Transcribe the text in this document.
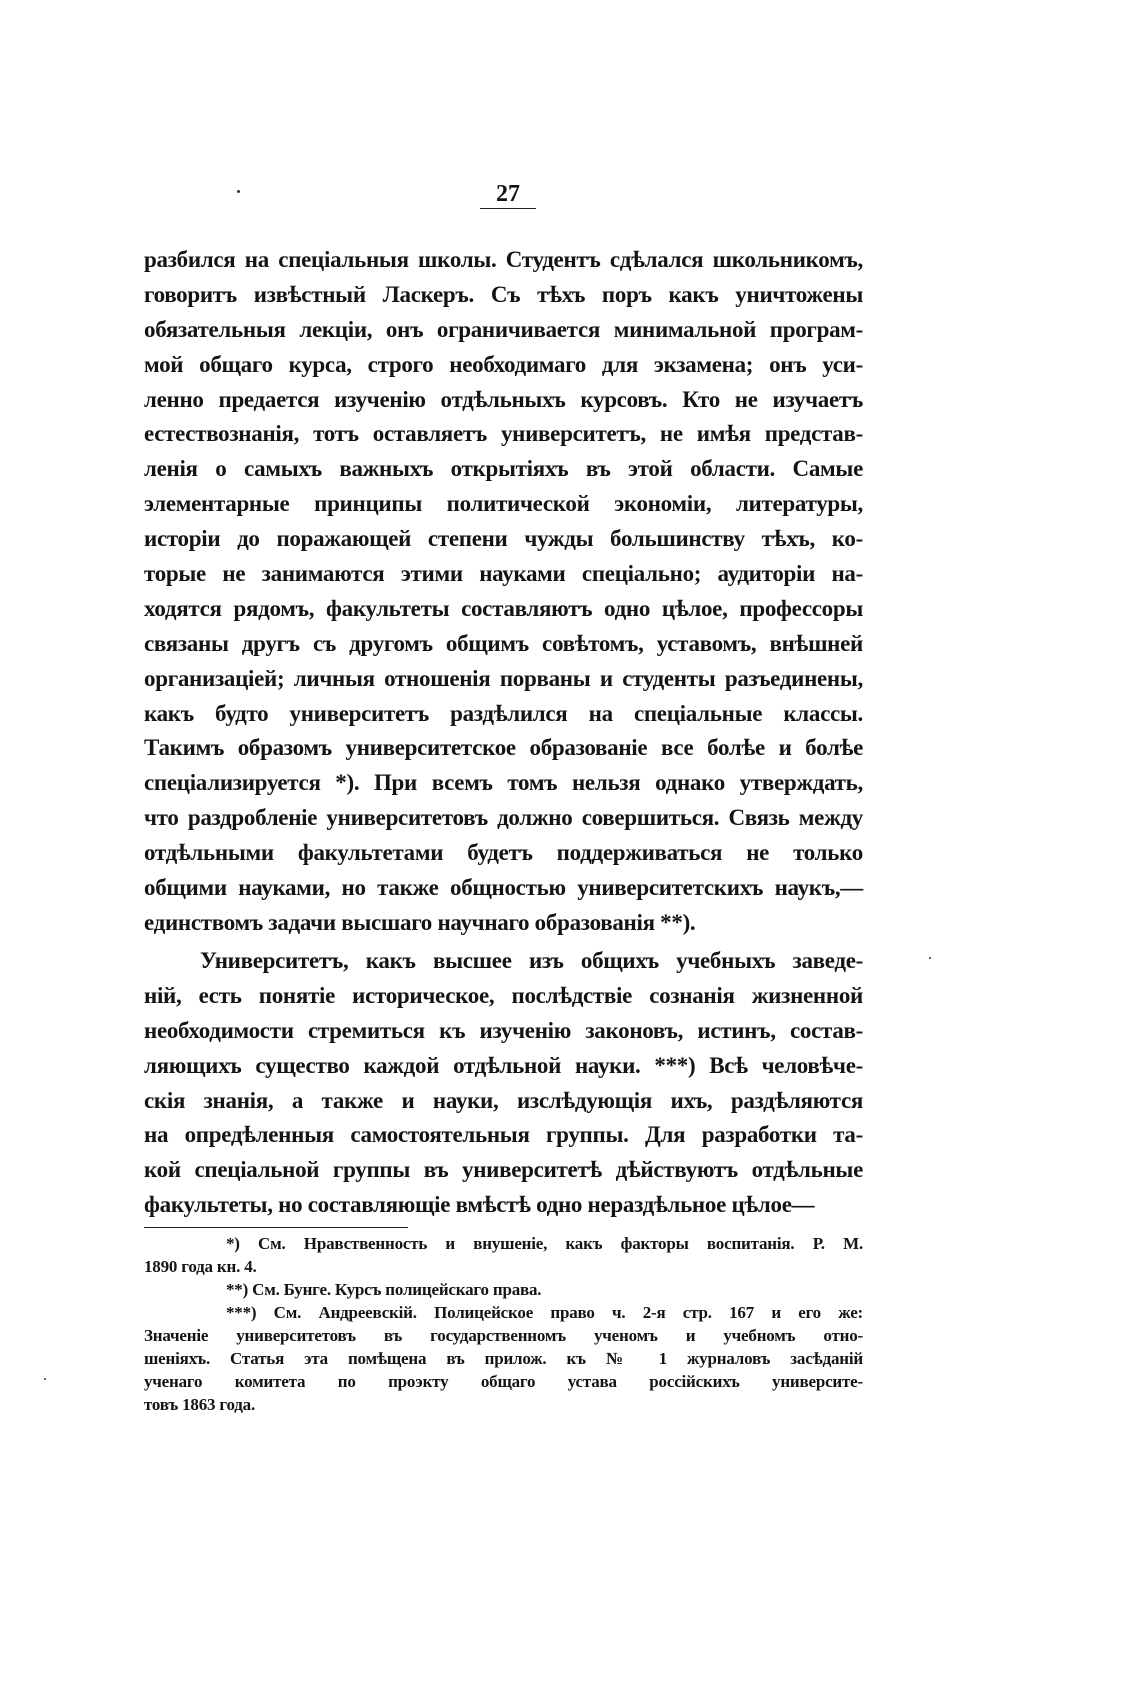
27
разбился на спеціальныя школы. Студентъ сдѣлался школьникомъ,
говоритъ извѣстный Ласкеръ. Съ тѣхъ поръ какъ уничтожены
обязательныя лекціи, онъ ограничивается минимальной програм-
мой общаго курса, строго необходимаго для экзамена; онъ уси-
ленно предается изученію отдѣльныхъ курсовъ. Кто не изучаетъ
естествознанія, тотъ оставляетъ университетъ, не имѣя представ-
ленія о самыхъ важныхъ открытіяхъ въ этой области. Самые
элементарные принципы политической экономіи, литературы,
исторіи до поражающей степени чужды большинству тѣхъ, ко-
торые не занимаются этими науками спеціально; аудиторіи на-
ходятся рядомъ, факультеты составляютъ одно цѣлое, профессоры
связаны другъ съ другомъ общимъ совѣтомъ, уставомъ, внѣшней
организаціей; личныя отношенія порваны и студенты разъединены,
какъ будто университетъ раздѣлился на спеціальные классы.
Такимъ образомъ университетское образованіе все болѣе и болѣе
спеціализируется *). При всемъ томъ нельзя однако утверждать,
что раздробленіе университетовъ должно совершиться. Связь между
отдѣльными факультетами будетъ поддерживаться не только
общими науками, но также общностью университетскихъ наукъ,—
единствомъ задачи высшаго научнаго образованія **).
Университетъ, какъ высшее изъ общихъ учебныхъ заведе-
ній, есть понятіе историческое, послѣдствіе сознанія жизненной
необходимости стремиться къ изученію законовъ, истинъ, состав-
ляющихъ существо каждой отдѣльной науки. ***) Всѣ человѣче-
скія знанія, а также и науки, изслѣдующія ихъ, раздѣляются
на опредѣленныя самостоятельныя группы. Для разработки та-
кой спеціальной группы въ университетѣ дѣйствуютъ отдѣльные
факультеты, но составляющіе вмѣстѣ одно нераздѣльное цѣлое—
*) См. Нравственность и внушеніе, какъ факторы воспитанія. Р. М.
1890 года кн. 4.
**) См. Бунге. Курсъ полицейскаго права.
***) См. Андреевскій. Полицейское право ч. 2-я стр. 167 и его же:
Значеніе университетовъ въ государственномъ ученомъ и учебномъ отно-
шеніяхъ. Статья эта помѣщена въ прилож. къ № 1 журналовъ засѣданій
ученаго комитета по проэкту общаго устава россійскихъ университе-
товъ 1863 года.
